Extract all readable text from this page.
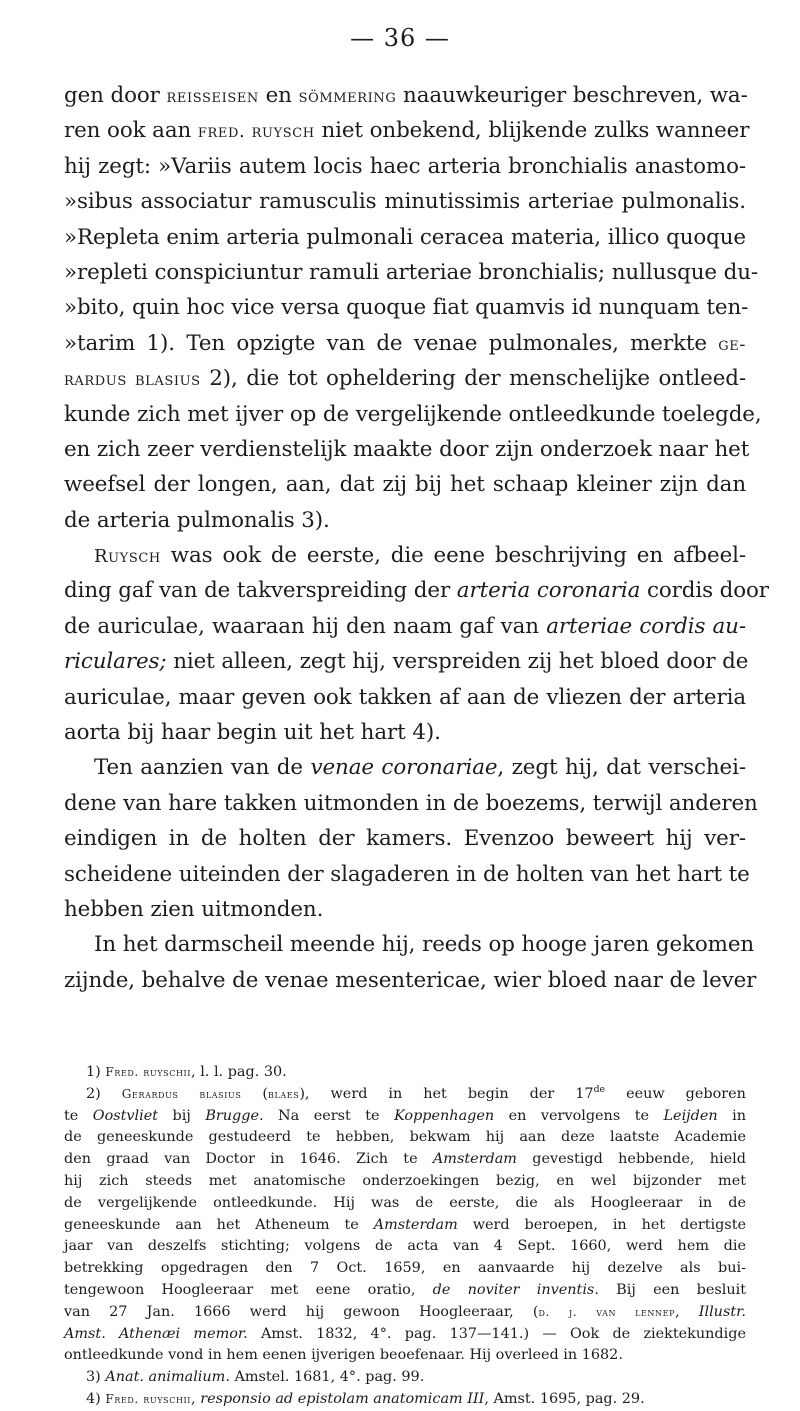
— 36 —
gen door reisseisen en sömmering naauwkeuriger beschreven, wa-
ren ook aan fred. ruysch niet onbekend, blijkende zulks wanneer
hij zegt: »Variis autem locis haec arteria bronchialis anastomo-
»sibus associatur ramusculis minutissimis arteriae pulmonalis.
»Repleta enim arteria pulmonali ceracea materia, illico quoque
»repleti conspiciuntur ramuli arteriae bronchialis; nullusque du-
»bito, quin hoc vice versa quoque fiat quamvis id nunquam ten-
»tarim 1). Ten opzigte van de venae pulmonales, merkte ge-
rardus blasius 2), die tot opheldering der menschelijke ontleed-
kunde zich met ijver op de vergelijkende ontleedkunde toelegde,
en zich zeer verdienstelijk maakte door zijn onderzoek naar het
weefsel der longen, aan, dat zij bij het schaap kleiner zijn dan
de arteria pulmonalis 3).
Ruysch was ook de eerste, die eene beschrijving en afbeel-
ding gaf van de takverspreiding der arteria coronaria cordis door
de auriculae, waaraan hij den naam gaf van arteriae cordis au-
riculares; niet alleen, zegt hij, verspreiden zij het bloed door de
auriculae, maar geven ook takken af aan de vliezen der arteria
aorta bij haar begin uit het hart 4).
Ten aanzien van de venae coronariae, zegt hij, dat verschei-
dene van hare takken uitmonden in de boezems, terwijl anderen
eindigen in de holten der kamers. Evenzoo beweert hij ver-
scheidene uiteinden der slagaderen in de holten van het hart te
hebben zien uitmonden.
In het darmscheil meende hij, reeds op hooge jaren gekomen
zijnde, behalve de venae mesentericae, wier bloed naar de lever
1) Fred. ruyschii, l. l. pag. 30.
2) Gerardus blasius (blaes), werd in het begin der 17de eeuw geboren
te Oostvliet bij Brugge. Na eerst te Koppenhagen en vervolgens te Leijden in
de geneeskunde gestudeerd te hebben, bekwam hij aan deze laatste Academie
den graad van Doctor in 1646. Zich te Amsterdam gevestigd hebbende, hield
hij zich steeds met anatomische onderzoekingen bezig, en wel bijzonder met
de vergelijkende ontleedkunde. Hij was de eerste, die als Hoogleeraar in de
geneeskunde aan het Atheneum te Amsterdam werd beroepen, in het dertigste
jaar van deszelfs stichting; volgens de acta van 4 Sept. 1660, werd hem die
betrekking opgedragen den 7 Oct. 1659, en aanvaarde hij dezelve als bui-
tengewoon Hoogleeraar met eene oratio, de noviter inventis. Bij een besluit
van 27 Jan. 1666 werd hij gewoon Hoogleeraar, (d. j. van lennep, Illustr.
Amst. Athenæi memor. Amst. 1832, 4°. pag. 137—141.) — Ook de ziektekundige
ontleedkunde vond in hem eenen ijverigen beoefenaar. Hij overleed in 1682.
3) Anat. animalium. Amstel. 1681, 4°. pag. 99.
4) Fred. ruyschii, responsio ad epistolam anatomicam III, Amst. 1695, pag. 29.
